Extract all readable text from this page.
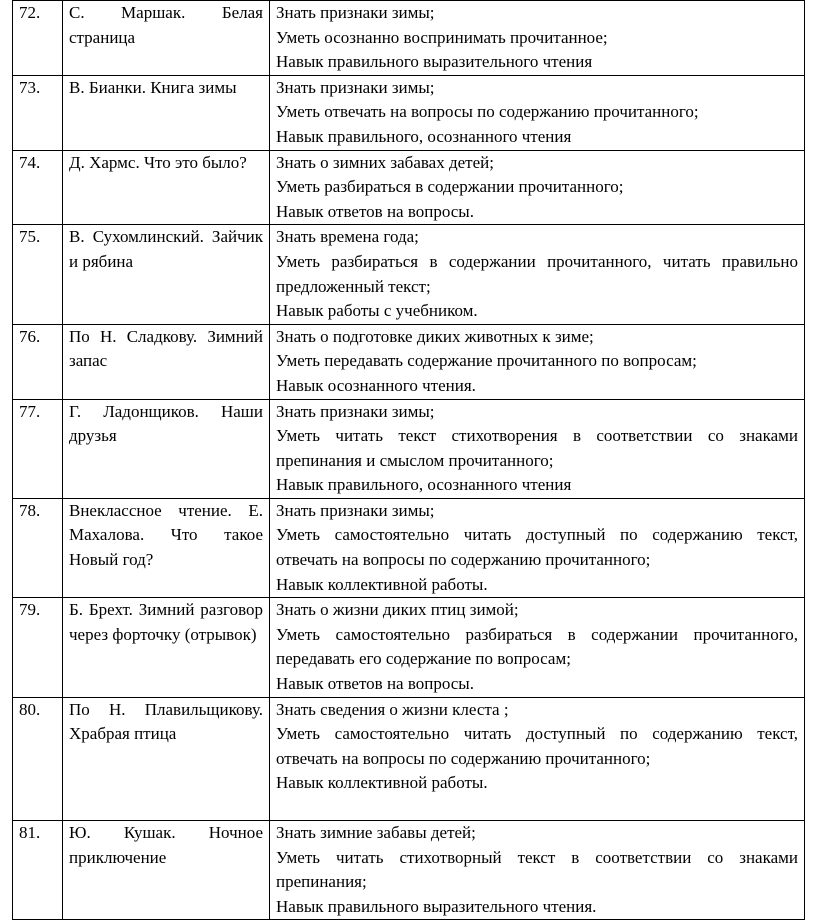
72.	С. Маршак. Белая страница	Знать признаки зимы;
Уметь осознанно воспринимать прочитанное;
Навык правильного выразительного чтения

73.	В. Бианки. Книга зимы	Знать признаки зимы;
Уметь отвечать на вопросы по содержанию прочитанного;
Навык правильного, осознанного чтения

74.	Д. Хармс. Что это было?	Знать о зимних забавах детей;
Уметь разбираться в содержании прочитанного;
Навык ответов на вопросы.

75.	В. Сухомлинский. Зайчик и рябина	Знать времена года;
Уметь разбираться в содержании прочитанного, читать правильно предложенный текст;
Навык работы с учебником.

76.	По Н. Сладкову. Зимний запас	Знать о подготовке диких животных к зиме;
Уметь передавать содержание прочитанного по вопросам;
Навык осознанного чтения.

77.	Г. Ладонщиков. Наши друзья	Знать признаки зимы;
Уметь читать текст стихотворения в соответствии со знаками препинания и смыслом прочитанного;
Навык правильного, осознанного чтения

78.	Внеклассное чтение. Е. Махалова. Что такое Новый год?	Знать признаки зимы;
Уметь самостоятельно читать доступный по содержанию текст, отвечать на вопросы по содержанию прочитанного;
Навык коллективной работы.

79.	Б. Брехт. Зимний разговор через форточку (отрывок)	Знать о жизни диких птиц зимой;
Уметь самостоятельно разбираться в содержании прочитанного, передавать его содержание по вопросам;
Навык ответов на вопросы.

80.	По Н. Плавильщикову. Храбрая птица	Знать сведения о жизни клеста ;
Уметь самостоятельно читать доступный по содержанию текст, отвечать на вопросы по содержанию прочитанного;
Навык коллективной работы.

81.	Ю. Кушак. Ночное приключение	Знать зимние забавы детей;
Уметь читать стихотворный текст в соответствии со знаками препинания;
Навык правильного выразительного чтения.
